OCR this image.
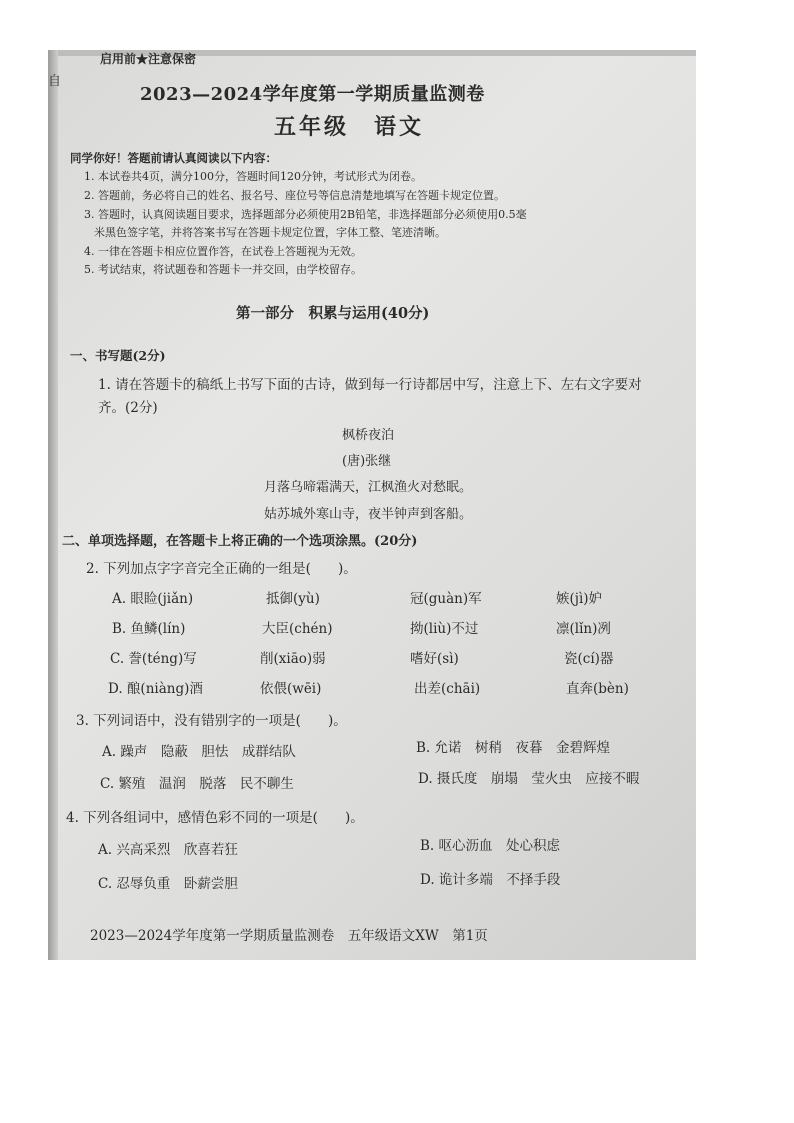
自

启用前★注意保密
2023—2024学年度第一学期质量监测卷
五年级　语文
同学你好！答题前请认真阅读以下内容：
1. 本试卷共4页，满分100分，答题时间120分钟，考试形式为闭卷。
2. 答题前，务必将自己的姓名、报名号、座位号等信息清楚地填写在答题卡规定位置。
3. 答题时，认真阅读题目要求，选择题部分必须使用2B铅笔，非选择题部分必须使用0.5毫
米黑色签字笔，并将答案书写在答题卡规定位置，字体工整、笔迹清晰。
4. 一律在答题卡相应位置作答，在试卷上答题视为无效。
5. 考试结束，将试题卷和答题卡一并交回，由学校留存。
第一部分　积累与运用(40分)
一、书写题(2分)
1. 请在答题卡的稿纸上书写下面的古诗，做到每一行诗都居中写，注意上下、左右文字要对
齐。(2分)
枫桥夜泊
(唐)张继
月落乌啼霜满天，江枫渔火对愁眠。
姑苏城外寒山寺，夜半钟声到客船。
二、单项选择题，在答题卡上将正确的一个选项涂黑。(20分)
2. 下列加点字字音完全正确的一组是(　　)。
A. 眼睑(jiǎn)	抵御(yù)	冠(guàn)军	嫉(jì)妒
B. 鱼鳞(lín)	大臣(chén)	拗(liù)不过	凛(lǐn)冽
C. 誊(téng)写	削(xiāo)弱	嗜好(sì)	瓷(cí)器
D. 酿(niàng)酒	依偎(wēi)	出差(chāi)	直奔(bèn)
3. 下列词语中，没有错别字的一项是(　　)。
A. 躁声　隐蔽　胆怯　成群结队	B. 允诺　树稍　夜暮　金碧辉煌
C. 繁殖　温润　脱落　民不聊生	D. 摄氏度　崩塌　莹火虫　应接不暇
4. 下列各组词中，感情色彩不同的一项是(　　)。
A. 兴高采烈　欣喜若狂	B. 呕心沥血　处心积虑
C. 忍辱负重　卧薪尝胆	D. 诡计多端　不择手段
2023—2024学年度第一学期质量监测卷　五年级语文XW　第1页
